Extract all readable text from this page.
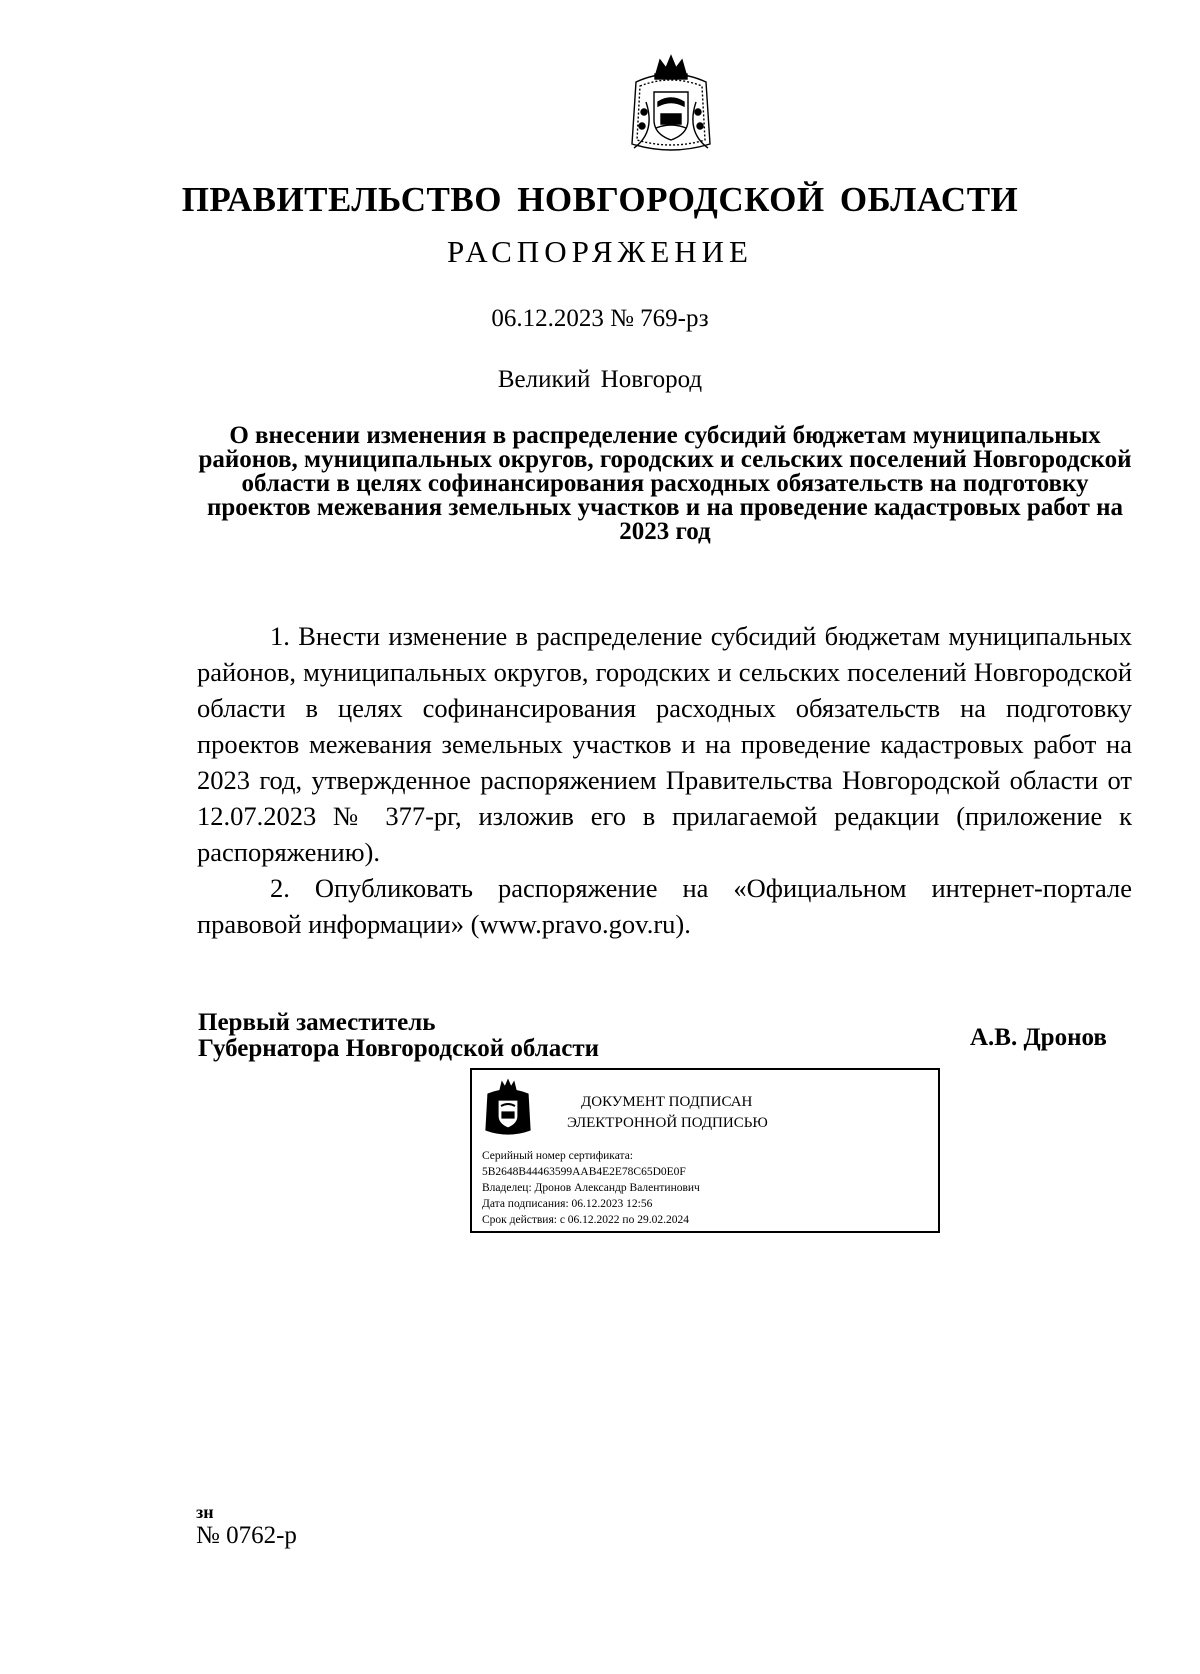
ПРАВИТЕЛЬСТВО НОВГОРОДСКОЙ ОБЛАСТИ
РАСПОРЯЖЕНИЕ
06.12.2023 № 769-рз
Великий Новгород
О внесении изменения в распределение субсидий бюджетам муниципальных районов, муниципальных округов, городских и сельских поселений Новгородской области в целях софинансирования расходных обязательств на подготовку проектов межевания земельных участков и на проведение кадастровых работ на 2023 год

1. Внести изменение в распределение субсидий бюджетам муниципальных районов, муниципальных округов, городских и сельских поселений Новгородской области в целях софинансирования расходных обязательств на подготовку проектов межевания земельных участков и на проведение кадастровых работ на 2023 год, утвержденное распоряжением Правительства Новгородской области от 12.07.2023 № 377-рг, изложив его в прилагаемой редакции (приложение к распоряжению).

2. Опубликовать распоряжение на «Официальном интернет-портале правовой информации» (www.pravo.gov.ru).

Первый заместитель
Губернатора Новгородской области	А.В. Дронов
ДОКУМЕНТ ПОДПИСАН
ЭЛЕКТРОННОЙ ПОДПИСЬЮ
Серийный номер сертификата:
5B2648B44463599AAB4E2E78C65D0E0F
Владелец: Дронов Александр Валентинович
Дата подписания: 06.12.2023 12:56
Срок действия: с 06.12.2022 по 29.02.2024
зн
№ 0762-р
